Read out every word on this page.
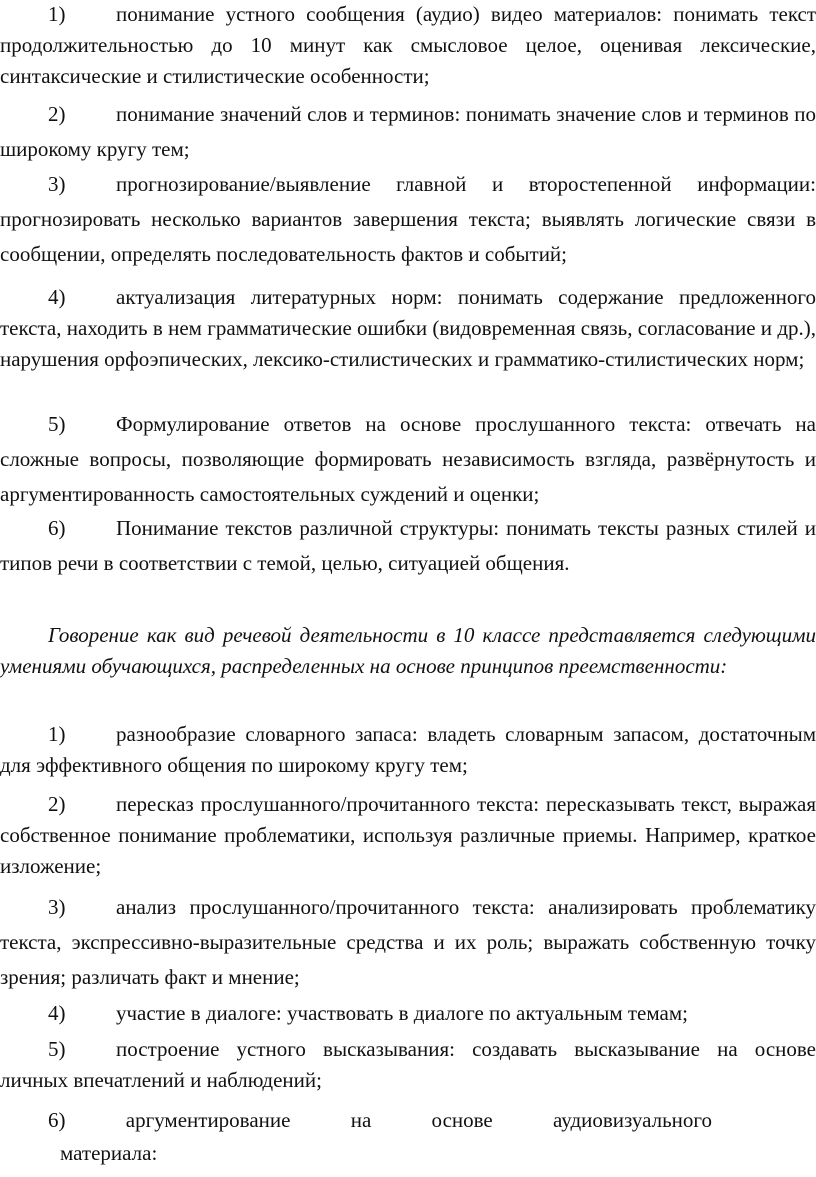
1) понимание устного сообщения (аудио) видео материалов: понимать текст продолжительностью до 10 минут как смысловое целое, оценивая лексические, синтаксические и стилистические особенности;

2) понимание значений слов и терминов: понимать значение слов и терминов по широкому кругу тем;

3) прогнозирование/выявление главной и второстепенной информации: прогнозировать несколько вариантов завершения текста; выявлять логические связи в сообщении, определять последовательность фактов и событий;

4) актуализация литературных норм: понимать содержание предложенного текста, находить в нем грамматические ошибки (видовременная связь, согласование и др.), нарушения орфоэпических, лексико-стилистических и грамматико-стилистических норм;

5) Формулирование ответов на основе прослушанного текста: отвечать на сложные вопросы, позволяющие формировать независимость взгляда, развёрнутость и аргументированность самостоятельных суждений и оценки;

6) Понимание текстов различной структуры: понимать тексты разных стилей и типов речи в соответствии с темой, целью, ситуацией общения.

Говорение как вид речевой деятельности в 10 классе представляется следующими умениями обучающихся, распределенных на основе принципов преемственности:

1) разнообразие словарного запаса: владеть словарным запасом, достаточным для эффективного общения по широкому кругу тем;

2) пересказ прослушанного/прочитанного текста: пересказывать текст, выражая собственное понимание проблематики, используя различные приемы. Например, краткое изложение;

3) анализ прослушанного/прочитанного текста: анализировать проблематику текста, экспрессивно-выразительные средства и их роль; выражать собственную точку зрения; различать факт и мнение;

4) участие в диалоге: участвовать в диалоге по актуальным темам;

5) построение устного высказывания: создавать высказывание на основе личных впечатлений и наблюдений;

6)	аргументирование	на	основе	аудиовизуального
материала:
